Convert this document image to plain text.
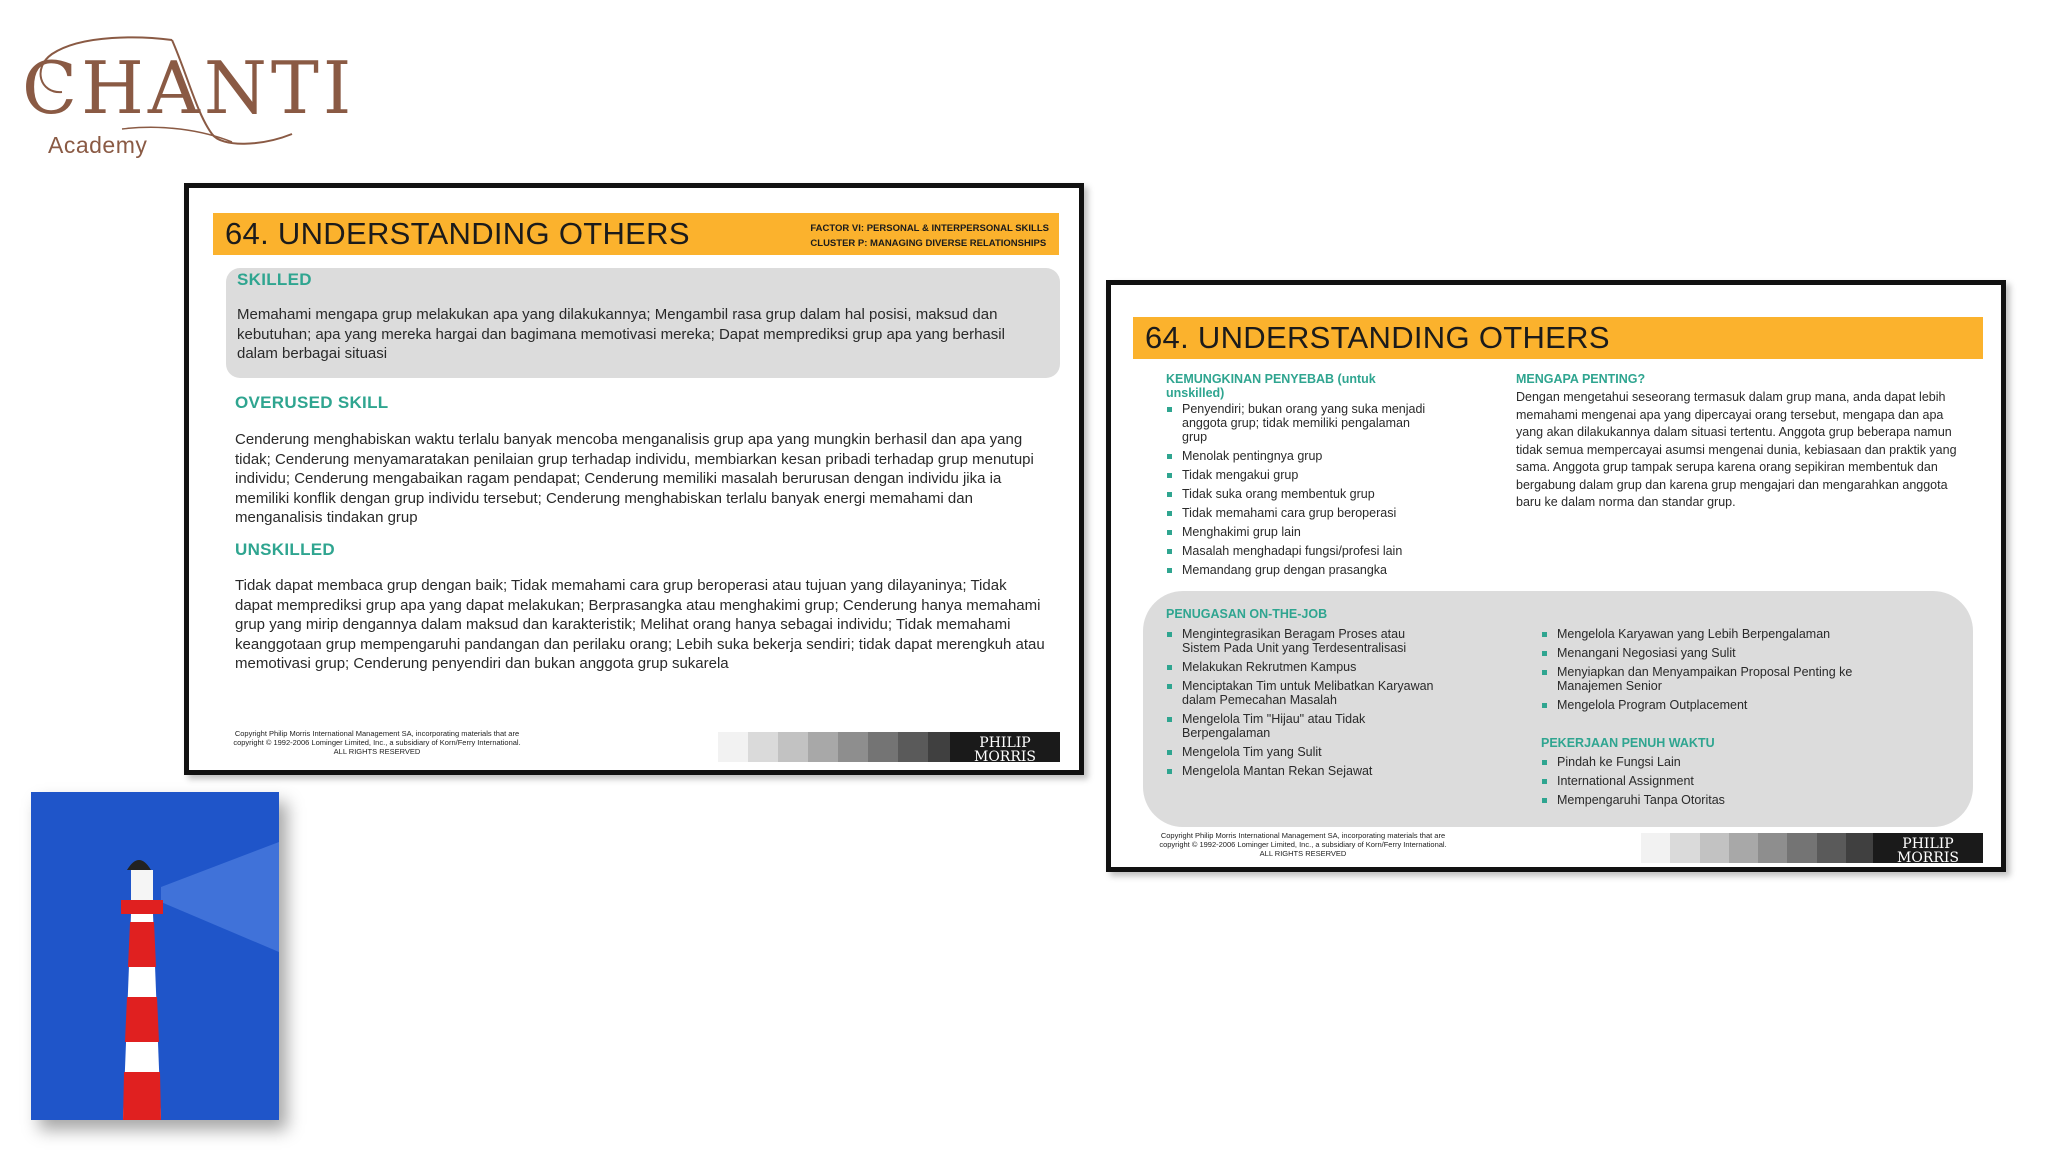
CHANTI
Academy
64. UNDERSTANDING OTHERS	FACTOR VI: PERSONAL & INTERPERSONAL SKILLS
CLUSTER P: MANAGING DIVERSE RELATIONSHIPS
SKILLED
Memahami mengapa grup melakukan apa yang dilakukannya; Mengambil rasa grup dalam hal posisi, maksud dan kebutuhan; apa yang mereka hargai dan bagimana memotivasi mereka; Dapat memprediksi grup apa yang berhasil dalam berbagai situasi
OVERUSED SKILL
Cenderung menghabiskan waktu terlalu banyak mencoba menganalisis grup apa yang mungkin berhasil dan apa yang tidak; Cenderung menyamaratakan penilaian grup terhadap individu, membiarkan kesan pribadi terhadap grup menutupi individu; Cenderung mengabaikan ragam pendapat; Cenderung memiliki masalah berurusan dengan individu jika ia memiliki konflik dengan grup individu tersebut; Cenderung menghabiskan terlalu banyak energi memahami dan menganalisis tindakan grup
UNSKILLED
Tidak dapat membaca grup dengan baik; Tidak memahami cara grup beroperasi atau tujuan yang dilayaninya; Tidak dapat memprediksi grup apa yang dapat melakukan; Berprasangka atau menghakimi grup; Cenderung hanya memahami grup yang mirip dengannya dalam maksud dan karakteristik; Melihat orang hanya sebagai individu; Tidak memahami keanggotaan grup mempengaruhi pandangan dan perilaku orang; Lebih suka bekerja sendiri; tidak dapat merengkuh atau memotivasi grup; Cenderung penyendiri dan bukan anggota grup sukarela
Copyright Philip Morris International Management SA, incorporating materials that are
copyright © 1992-2006 Lominger Limited, Inc., a subsidiary of Korn/Ferry International.
ALL RIGHTS RESERVED
PHILIP MORRIS
INTERNATIONAL
64. UNDERSTANDING OTHERS
KEMUNGKINAN PENYEBAB (untuk unskilled)
Penyendiri; bukan orang yang suka menjadi anggota grup; tidak memiliki pengalaman grup
Menolak pentingnya grup
Tidak mengakui grup
Tidak suka orang membentuk grup
Tidak memahami cara grup beroperasi
Menghakimi grup lain
Masalah menghadapi fungsi/profesi lain
Memandang grup dengan prasangka
MENGAPA PENTING?
Dengan mengetahui seseorang termasuk dalam grup mana, anda dapat lebih memahami mengenai apa yang dipercayai orang tersebut, mengapa dan apa yang akan dilakukannya dalam situasi tertentu. Anggota grup beberapa namun tidak semua mempercayai asumsi mengenai dunia, kebiasaan dan praktik yang sama. Anggota grup tampak serupa karena orang sepikiran membentuk dan bergabung dalam grup dan karena grup mengajari dan mengarahkan anggota baru ke dalam norma dan standar grup.
PENUGASAN ON-THE-JOB
Mengintegrasikan Beragam Proses atau Sistem Pada Unit yang Terdesentralisasi
Melakukan Rekrutmen Kampus
Menciptakan Tim untuk Melibatkan Karyawan dalam Pemecahan Masalah
Mengelola Tim "Hijau" atau Tidak Berpengalaman
Mengelola Tim yang Sulit
Mengelola Mantan Rekan Sejawat
Mengelola Karyawan yang Lebih Berpengalaman
Menangani Negosiasi yang Sulit
Menyiapkan dan Menyampaikan Proposal Penting ke Manajemen Senior
Mengelola Program Outplacement
PEKERJAAN PENUH WAKTU
Pindah ke Fungsi Lain
International Assignment
Mempengaruhi Tanpa Otoritas
Copyright Philip Morris International Management SA, incorporating materials that are
copyright © 1992-2006 Lominger Limited, Inc., a subsidiary of Korn/Ferry International.
ALL RIGHTS RESERVED
PHILIP MORRIS
INTERNATIONAL
